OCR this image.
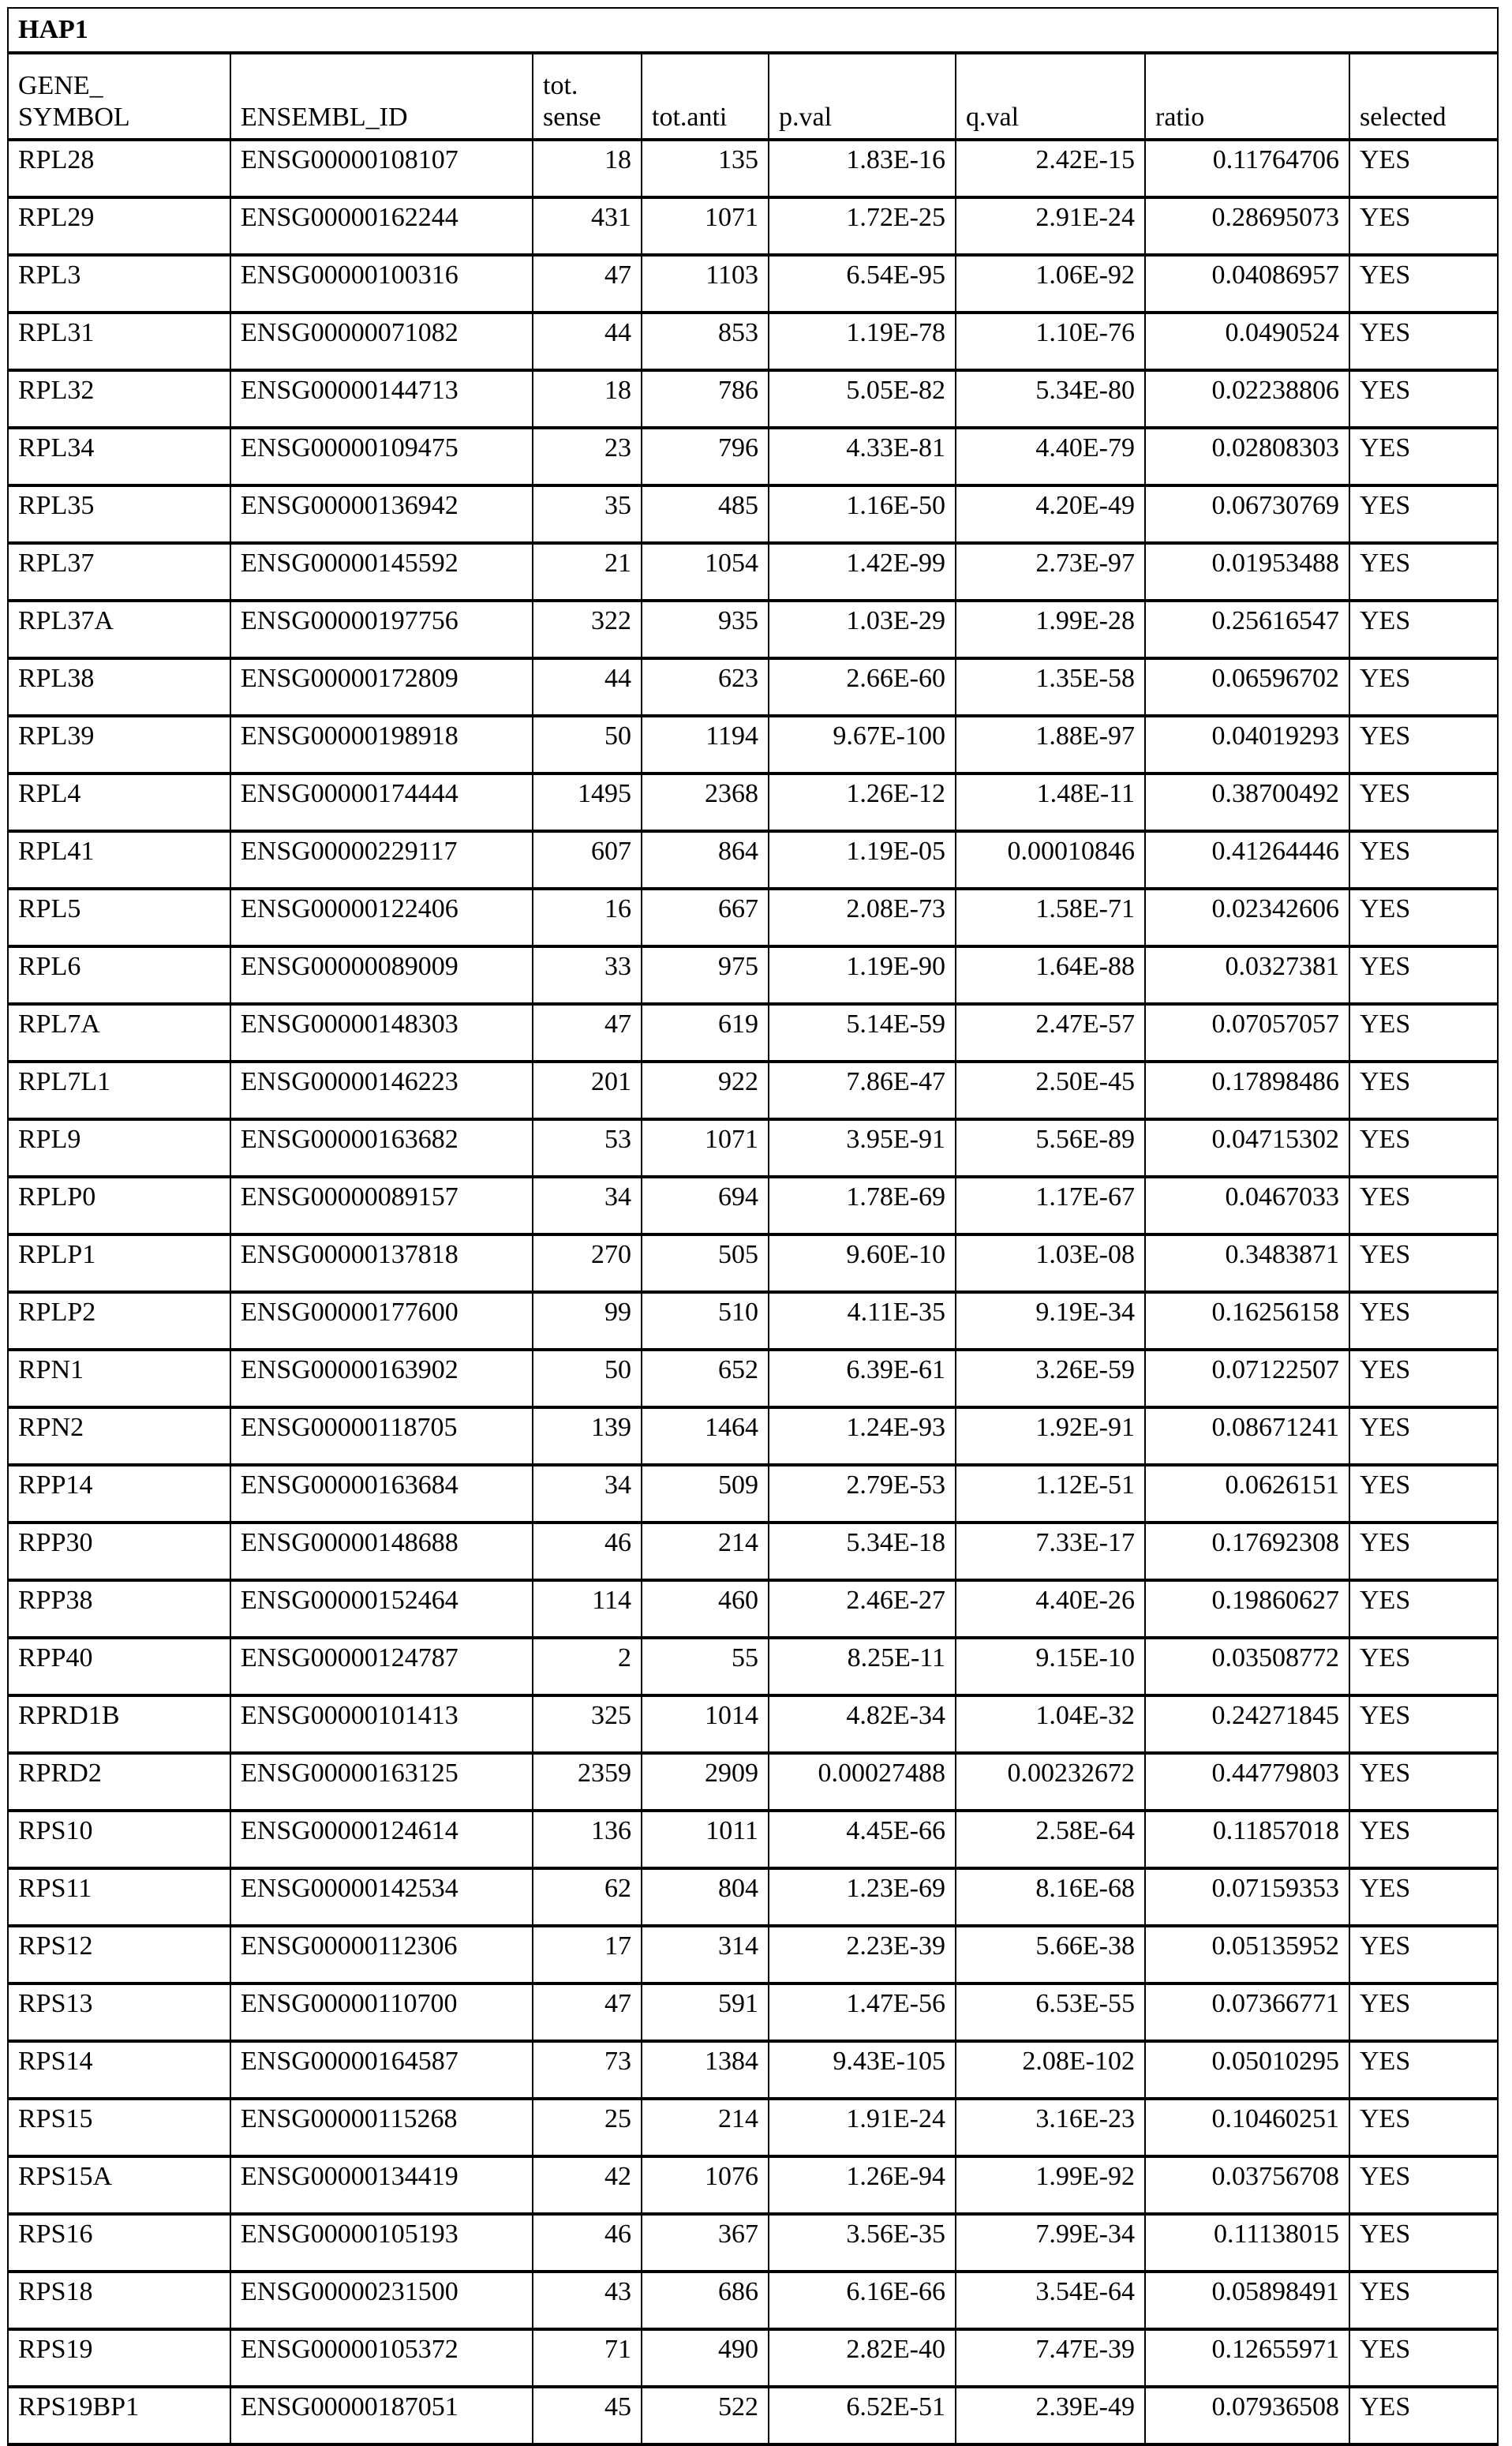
HAP1
GENE_
SYMBOL	ENSEMBL_ID	tot.
sense	tot.anti	p.val	q.val	ratio	selected
RPL28	ENSG00000108107	18	135	1.83E-16	2.42E-15	0.11764706	YES
RPL29	ENSG00000162244	431	1071	1.72E-25	2.91E-24	0.28695073	YES
RPL3	ENSG00000100316	47	1103	6.54E-95	1.06E-92	0.04086957	YES
RPL31	ENSG00000071082	44	853	1.19E-78	1.10E-76	0.0490524	YES
RPL32	ENSG00000144713	18	786	5.05E-82	5.34E-80	0.02238806	YES
RPL34	ENSG00000109475	23	796	4.33E-81	4.40E-79	0.02808303	YES
RPL35	ENSG00000136942	35	485	1.16E-50	4.20E-49	0.06730769	YES
RPL37	ENSG00000145592	21	1054	1.42E-99	2.73E-97	0.01953488	YES
RPL37A	ENSG00000197756	322	935	1.03E-29	1.99E-28	0.25616547	YES
RPL38	ENSG00000172809	44	623	2.66E-60	1.35E-58	0.06596702	YES
RPL39	ENSG00000198918	50	1194	9.67E-100	1.88E-97	0.04019293	YES
RPL4	ENSG00000174444	1495	2368	1.26E-12	1.48E-11	0.38700492	YES
RPL41	ENSG00000229117	607	864	1.19E-05	0.00010846	0.41264446	YES
RPL5	ENSG00000122406	16	667	2.08E-73	1.58E-71	0.02342606	YES
RPL6	ENSG00000089009	33	975	1.19E-90	1.64E-88	0.0327381	YES
RPL7A	ENSG00000148303	47	619	5.14E-59	2.47E-57	0.07057057	YES
RPL7L1	ENSG00000146223	201	922	7.86E-47	2.50E-45	0.17898486	YES
RPL9	ENSG00000163682	53	1071	3.95E-91	5.56E-89	0.04715302	YES
RPLP0	ENSG00000089157	34	694	1.78E-69	1.17E-67	0.0467033	YES
RPLP1	ENSG00000137818	270	505	9.60E-10	1.03E-08	0.3483871	YES
RPLP2	ENSG00000177600	99	510	4.11E-35	9.19E-34	0.16256158	YES
RPN1	ENSG00000163902	50	652	6.39E-61	3.26E-59	0.07122507	YES
RPN2	ENSG00000118705	139	1464	1.24E-93	1.92E-91	0.08671241	YES
RPP14	ENSG00000163684	34	509	2.79E-53	1.12E-51	0.0626151	YES
RPP30	ENSG00000148688	46	214	5.34E-18	7.33E-17	0.17692308	YES
RPP38	ENSG00000152464	114	460	2.46E-27	4.40E-26	0.19860627	YES
RPP40	ENSG00000124787	2	55	8.25E-11	9.15E-10	0.03508772	YES
RPRD1B	ENSG00000101413	325	1014	4.82E-34	1.04E-32	0.24271845	YES
RPRD2	ENSG00000163125	2359	2909	0.00027488	0.00232672	0.44779803	YES
RPS10	ENSG00000124614	136	1011	4.45E-66	2.58E-64	0.11857018	YES
RPS11	ENSG00000142534	62	804	1.23E-69	8.16E-68	0.07159353	YES
RPS12	ENSG00000112306	17	314	2.23E-39	5.66E-38	0.05135952	YES
RPS13	ENSG00000110700	47	591	1.47E-56	6.53E-55	0.07366771	YES
RPS14	ENSG00000164587	73	1384	9.43E-105	2.08E-102	0.05010295	YES
RPS15	ENSG00000115268	25	214	1.91E-24	3.16E-23	0.10460251	YES
RPS15A	ENSG00000134419	42	1076	1.26E-94	1.99E-92	0.03756708	YES
RPS16	ENSG00000105193	46	367	3.56E-35	7.99E-34	0.11138015	YES
RPS18	ENSG00000231500	43	686	6.16E-66	3.54E-64	0.05898491	YES
RPS19	ENSG00000105372	71	490	2.82E-40	7.47E-39	0.12655971	YES
RPS19BP1	ENSG00000187051	45	522	6.52E-51	2.39E-49	0.07936508	YES
